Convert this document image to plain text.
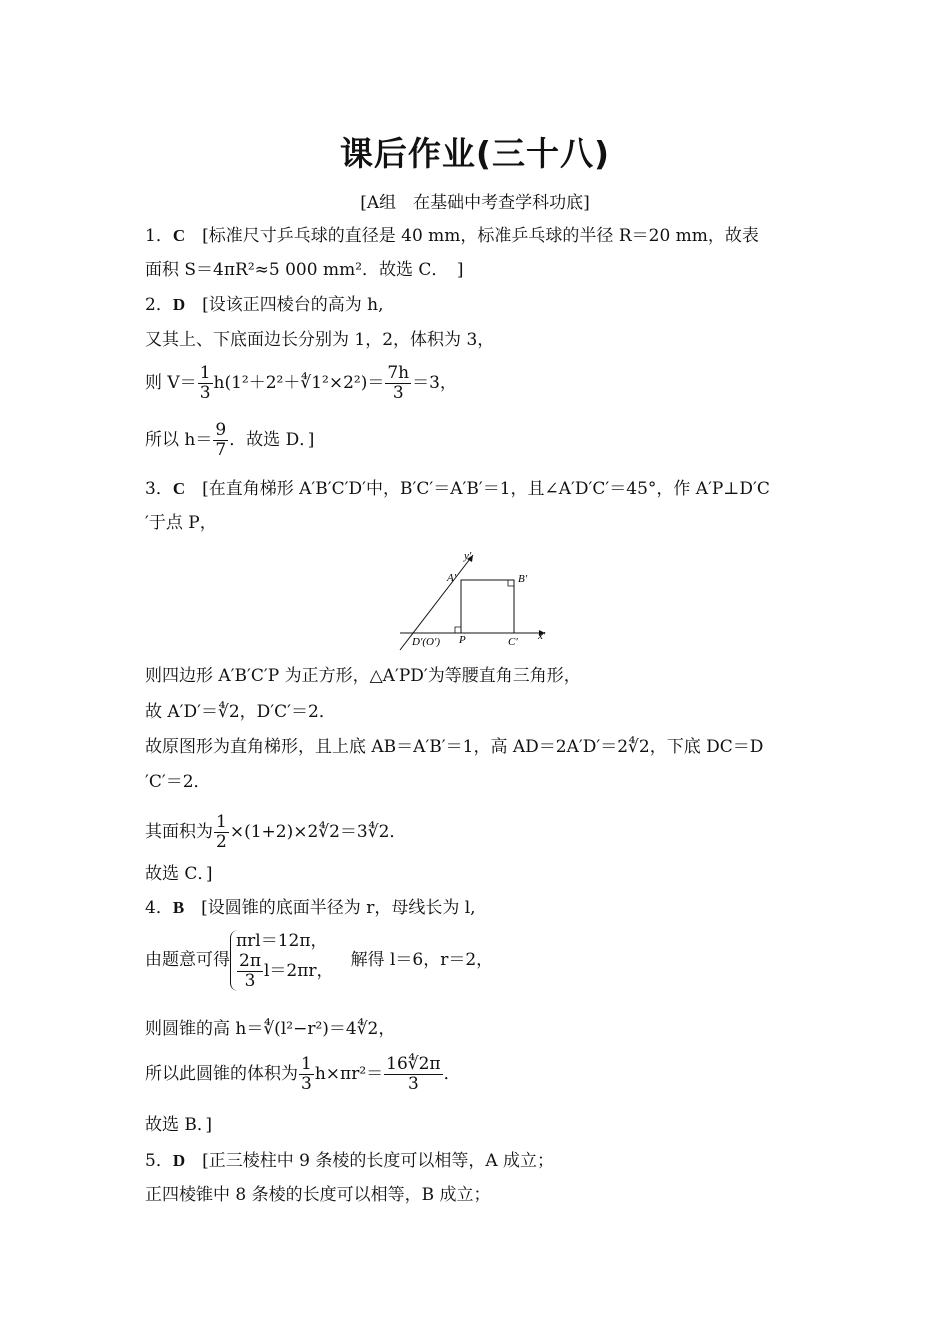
课后作业(三十八)
[A组　在基础中考查学科功底]
1．C　 [标准尺寸乒乓球的直径是 40 mm，标准乒乓球的半径 R＝20 mm，故表
面积 S＝4πR²≈5 000 mm²．故选 C．　]
2．D　 [设该正四棱台的高为 h,
又其上、下底面边长分别为 1，2，体积为 3，
则 $V= \frac{1}{3}$ h(1²＋2²＋∜1²×2²)＝ $\frac{7h}{3} =3$，
所以 $h= \frac{9}{7}$ ．故选 D．]
3．C　 [在直角梯形 A′B′C′D′中，B′C′＝A′B′＝1，且∠A′D′C′＝45°，作 A′P⊥D′C
′于点 P，
y′
A′	B′
C′
P
D′(O′)	x′
则四边形 A′B′C′P 为正方形，△A′PD′为等腰直角三角形，
故 A′D′＝∜2，D′C′＝2．
故原图形为直角梯形，且上底 AB＝A′B′＝1，高 AD＝2A′D′＝2∜2，下底 DC＝D
′C′＝2．
其面积为 $\frac{1}{2}$ ×(1+2)×2∜2＝3∜2．
故选 C．]
4．B　 [设圆锥的底面半径为 r，母线长为 l,
由题意可得
πrl＝12π，
$\frac{2\pi}{3} l=2\pi r$，
　解得 l＝6，r＝2，
则圆锥的高 h＝∜(l²−r²)＝4∜2，
所以此圆锥的体积为 $\frac{1}{3} h\times\pi r^2= \frac{16∜2\pi}{3}$ ．
故选 B．]
5．D　 [正三棱柱中 9 条棱的长度可以相等，A 成立；
正四棱锥中 8 条棱的长度可以相等，B 成立；
